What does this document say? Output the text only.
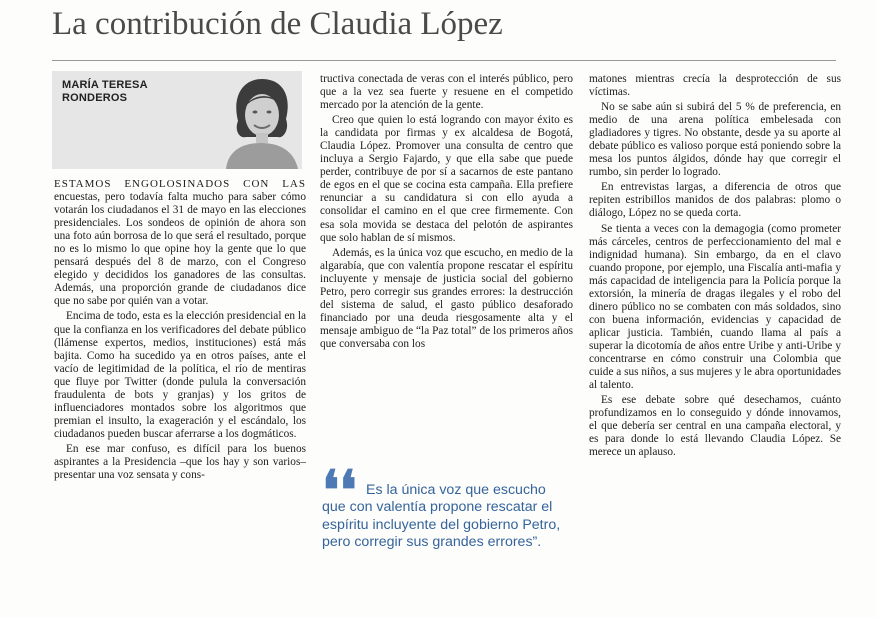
La contribución de Claudia López
MARÍA TERESA
RONDEROS

ESTAMOS ENGOLOSINADOS CON LAS encuestas, pero todavía falta mucho para saber cómo votarán los ciudadanos el 31 de mayo en las elecciones presidenciales. Los sondeos de opinión de ahora son una foto aún borrosa de lo que será el resultado, porque no es lo mismo lo que opine hoy la gente que lo que pensará después del 8 de marzo, con el Congreso elegido y decididos los ganadores de las consultas. Además, una proporción grande de ciudadanos dice que no sabe por quién van a votar.

Encima de todo, esta es la elección presidencial en la que la confianza en los verificadores del debate público (llámense expertos, medios, instituciones) está más bajita. Como ha sucedido ya en otros países, ante el vacío de legitimidad de la política, el río de mentiras que fluye por Twitter (donde pulula la conversación fraudulenta de bots y granjas) y los gritos de influenciadores montados sobre los algoritmos que premian el insulto, la exageración y el escándalo, los ciudadanos pueden buscar aferrarse a los dogmáticos.

En ese mar confuso, es difícil para los buenos aspirantes a la Presidencia –que los hay y son varios– presentar una voz sensata y cons-

tructiva conectada de veras con el interés público, pero que a la vez sea fuerte y resuene en el competido mercado por la atención de la gente.

Creo que quien lo está logrando con mayor éxito es la candidata por firmas y ex alcaldesa de Bogotá, Claudia López. Promover una consulta de centro que incluya a Sergio Fajardo, y que ella sabe que puede perder, contribuye de por sí a sacarnos de este pantano de egos en el que se cocina esta campaña. Ella prefiere renunciar a su candidatura si con ello ayuda a consolidar el camino en el que cree firmemente. Con esa sola movida se destaca del pelotón de aspirantes que solo hablan de sí mismos.

Además, es la única voz que escucho, en medio de la algarabía, que con valentía propone rescatar el espíritu incluyente y mensaje de justicia social del gobierno Petro, pero corregir sus grandes errores: la destrucción del sistema de salud, el gasto público desaforado financiado por una deuda riesgosamente alta y el mensaje ambiguo de “la Paz total” de los primeros años que conversaba con los

❛❛ Es la única voz que escucho que con valentía propone rescatar el espíritu incluyente del gobierno Petro, pero corregir sus grandes errores”.

matones mientras crecía la desprotección de sus víctimas.

No se sabe aún si subirá del 5 % de preferencia, en medio de una arena política embelesada con gladiadores y tigres. No obstante, desde ya su aporte al debate público es valioso porque está poniendo sobre la mesa los puntos álgidos, dónde hay que corregir el rumbo, sin perder lo logrado.

En entrevistas largas, a diferencia de otros que repiten estribillos manidos de dos palabras: plomo o diálogo, López no se queda corta.

Se tienta a veces con la demagogia (como prometer más cárceles, centros de perfeccionamiento del mal e indignidad humana). Sin embargo, da en el clavo cuando propone, por ejemplo, una Fiscalía anti-mafia y más capacidad de inteligencia para la Policía porque la extorsión, la minería de dragas ilegales y el robo del dinero público no se combaten con más soldados, sino con buena información, evidencias y capacidad de aplicar justicia. También, cuando llama al país a superar la dicotomía de años entre Uribe y anti-Uribe y concentrarse en cómo construir una Colombia que cuide a sus niños, a sus mujeres y le abra oportunidades al talento.

Es ese debate sobre qué desechamos, cuánto profundizamos en lo conseguido y dónde innovamos, el que debería ser central en una campaña electoral, y es para donde lo está llevando Claudia López. Se merece un aplauso.
